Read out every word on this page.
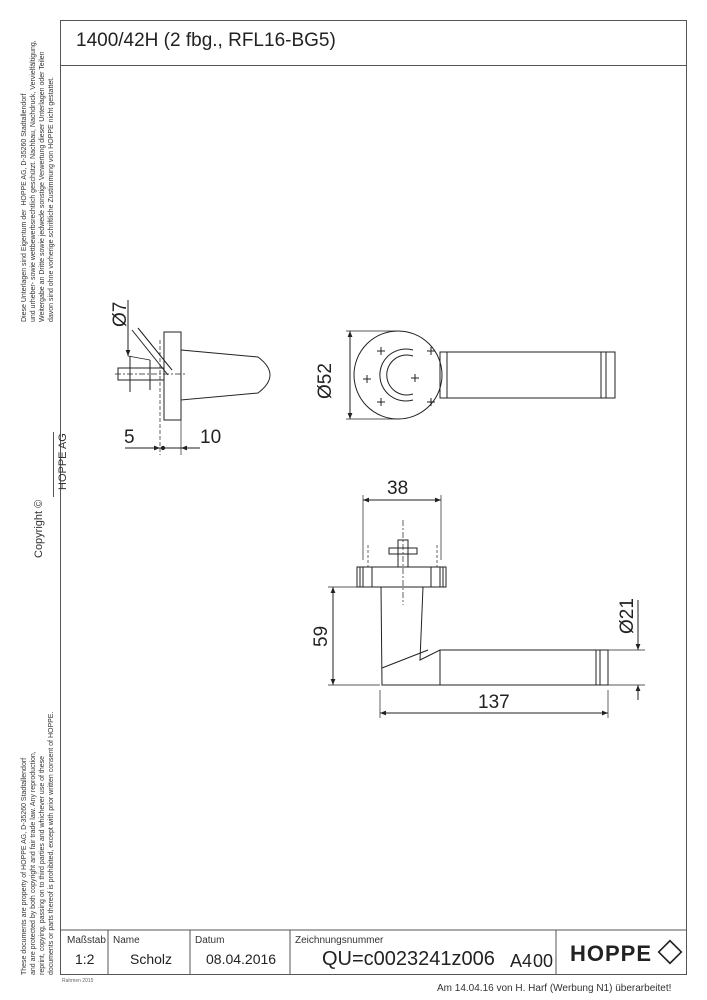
1400/42H (2 fbg., RFL16-BG5)
Diese Unterlagen sind Eigentum der  HOPPE AG, D-35260 Stadtallendorf
und urheber- sowie wettbewerbsrechtlich geschützt. Nachbau, Nachdruck, Vervielfältigung,
Weitergabe an Dritte sowie jedwede sonstige Verwertung dieser Unterlagen oder Teilen
davon sind ohne vorherige schriftliche Zustimmung von HOPPE nicht gestattet.
Copyright ©
HOPPE AG
These documents are property of HOPPE AG, D-35260 Stadtallendorf
and are protected by both copyright and fair trade law. Any reproduction,
reprint, copying, passing on to third parties and whichever use of these
documents or parts thereof is prohibited, except with prior written consent of HOPPE.
Ø7
Ø52
5	10
38
59
Ø21
137
Maßstab
1:2
Name
Scholz
Datum
08.04.2016
Zeichnungsnummer
QU=c0023241z006 A4 00 HOPPE
Rahmen 2015
Am 14.04.16 von H. Harf (Werbung N1) überarbeitet!
